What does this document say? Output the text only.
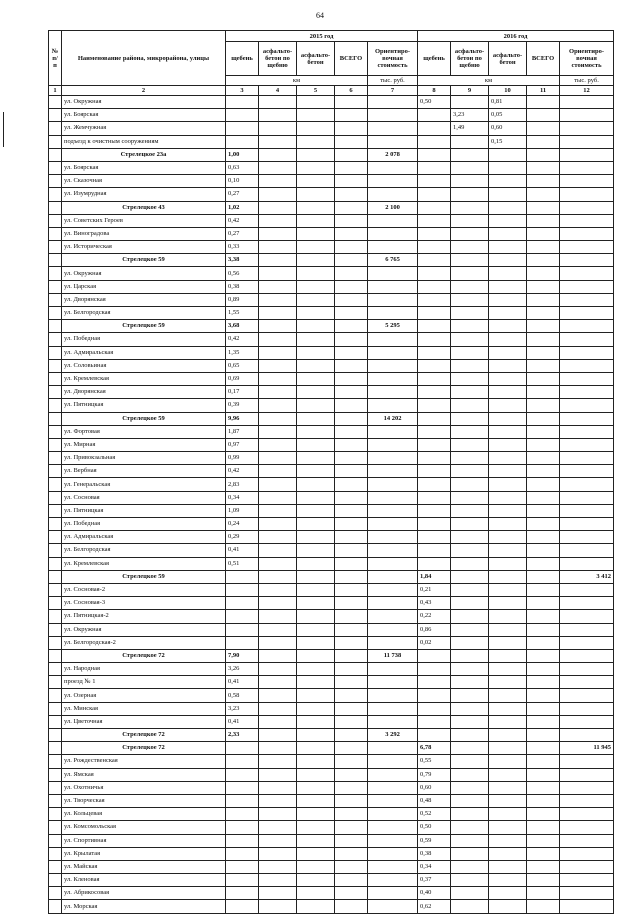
64
№ п/п	Наименование района, микрорайона, улицы	2015 год					2016 год				
		щебень	асфальто-бетон по щебню	асфальто-бетон	ВСЕГО	Ориентиро-вочная стоимость	щебень	асфальто-бетон по щебню	асфальто-бетон	ВСЕГО	Ориентиро-вочная стоимость
		км				тыс. руб.	км				тыс. руб.
1	2	3	4	5	6	7	8	9	10	11	12
	ул. Окружная						0,50		0,81		
	ул. Боярская							3,23	0,05		
	ул. Жемчужная							1,49	0,60		
	подъезд к очистным сооружениям								0,15		
	Стрелецкое 23а	1,00				2 078					
	ул. Боярская	0,63									
	ул. Сказочная	0,10									
	ул. Изумрудная	0,27									
	Стрелецкое 43	1,02				2 100					
	ул. Советских Героев	0,42									
	ул. Виноградова	0,27									
	ул. Историческая	0,33									
	Стрелецкое 59	3,38				6 765					
	ул. Окружная	0,56									
	ул. Царская	0,38									
	ул. Дворянская	0,89									
	ул. Белгородская	1,55									
	Стрелецкое 59	3,68				5 295					
	ул. Победная	0,42									
	ул. Адмиральская	1,35									
	ул. Соловьиная	0,65									
	ул. Кремлевская	0,69									
	ул. Дворянская	0,17									
	ул. Пятницкая	0,39									
	Стрелецкое 59	9,96				14 202					
	ул. Фортовая	1,87									
	ул. Мирная	0,97									
	ул. Привокзальная	0,99									
	ул. Вербная	0,42									
	ул. Генеральская	2,83									
	ул. Сосновая	0,34									
	ул. Пятницкая	1,09									
	ул. Победная	0,24									
	ул. Адмиральская	0,29									
	ул. Белгородская	0,41									
	ул. Кремлевская	0,51									
	Стрелецкое 59						1,84				3 412
	ул. Сосновая-2						0,21				
	ул. Сосновая-3						0,43				
	ул. Пятницкая-2						0,22				
	ул. Окружная						0,86				
	ул. Белгородская-2						0,02				
	Стрелецкое 72	7,90				11 738					
	ул. Народная	3,26									
	проезд № 1	0,41									
	ул. Озерная	0,58									
	ул. Минская	3,23									
	ул. Цветочная	0,41									
	Стрелецкое 72	2,33				3 292					
	Стрелецкое 72						6,78				11 945
	ул. Рождественская						0,55				
	ул. Ямская						0,79				
	ул. Охотничья						0,60				
	ул. Творческая						0,48				
	ул. Кольцевая						0,52				
	ул. Комсомольская						0,50				
	ул. Спортивная						0,59				
	ул. Крылатая						0,38				
	ул. Майская						0,34				
	ул. Кленовая						0,37				
	ул. Абрикосовая						0,40				
	ул. Морская						0,62				
